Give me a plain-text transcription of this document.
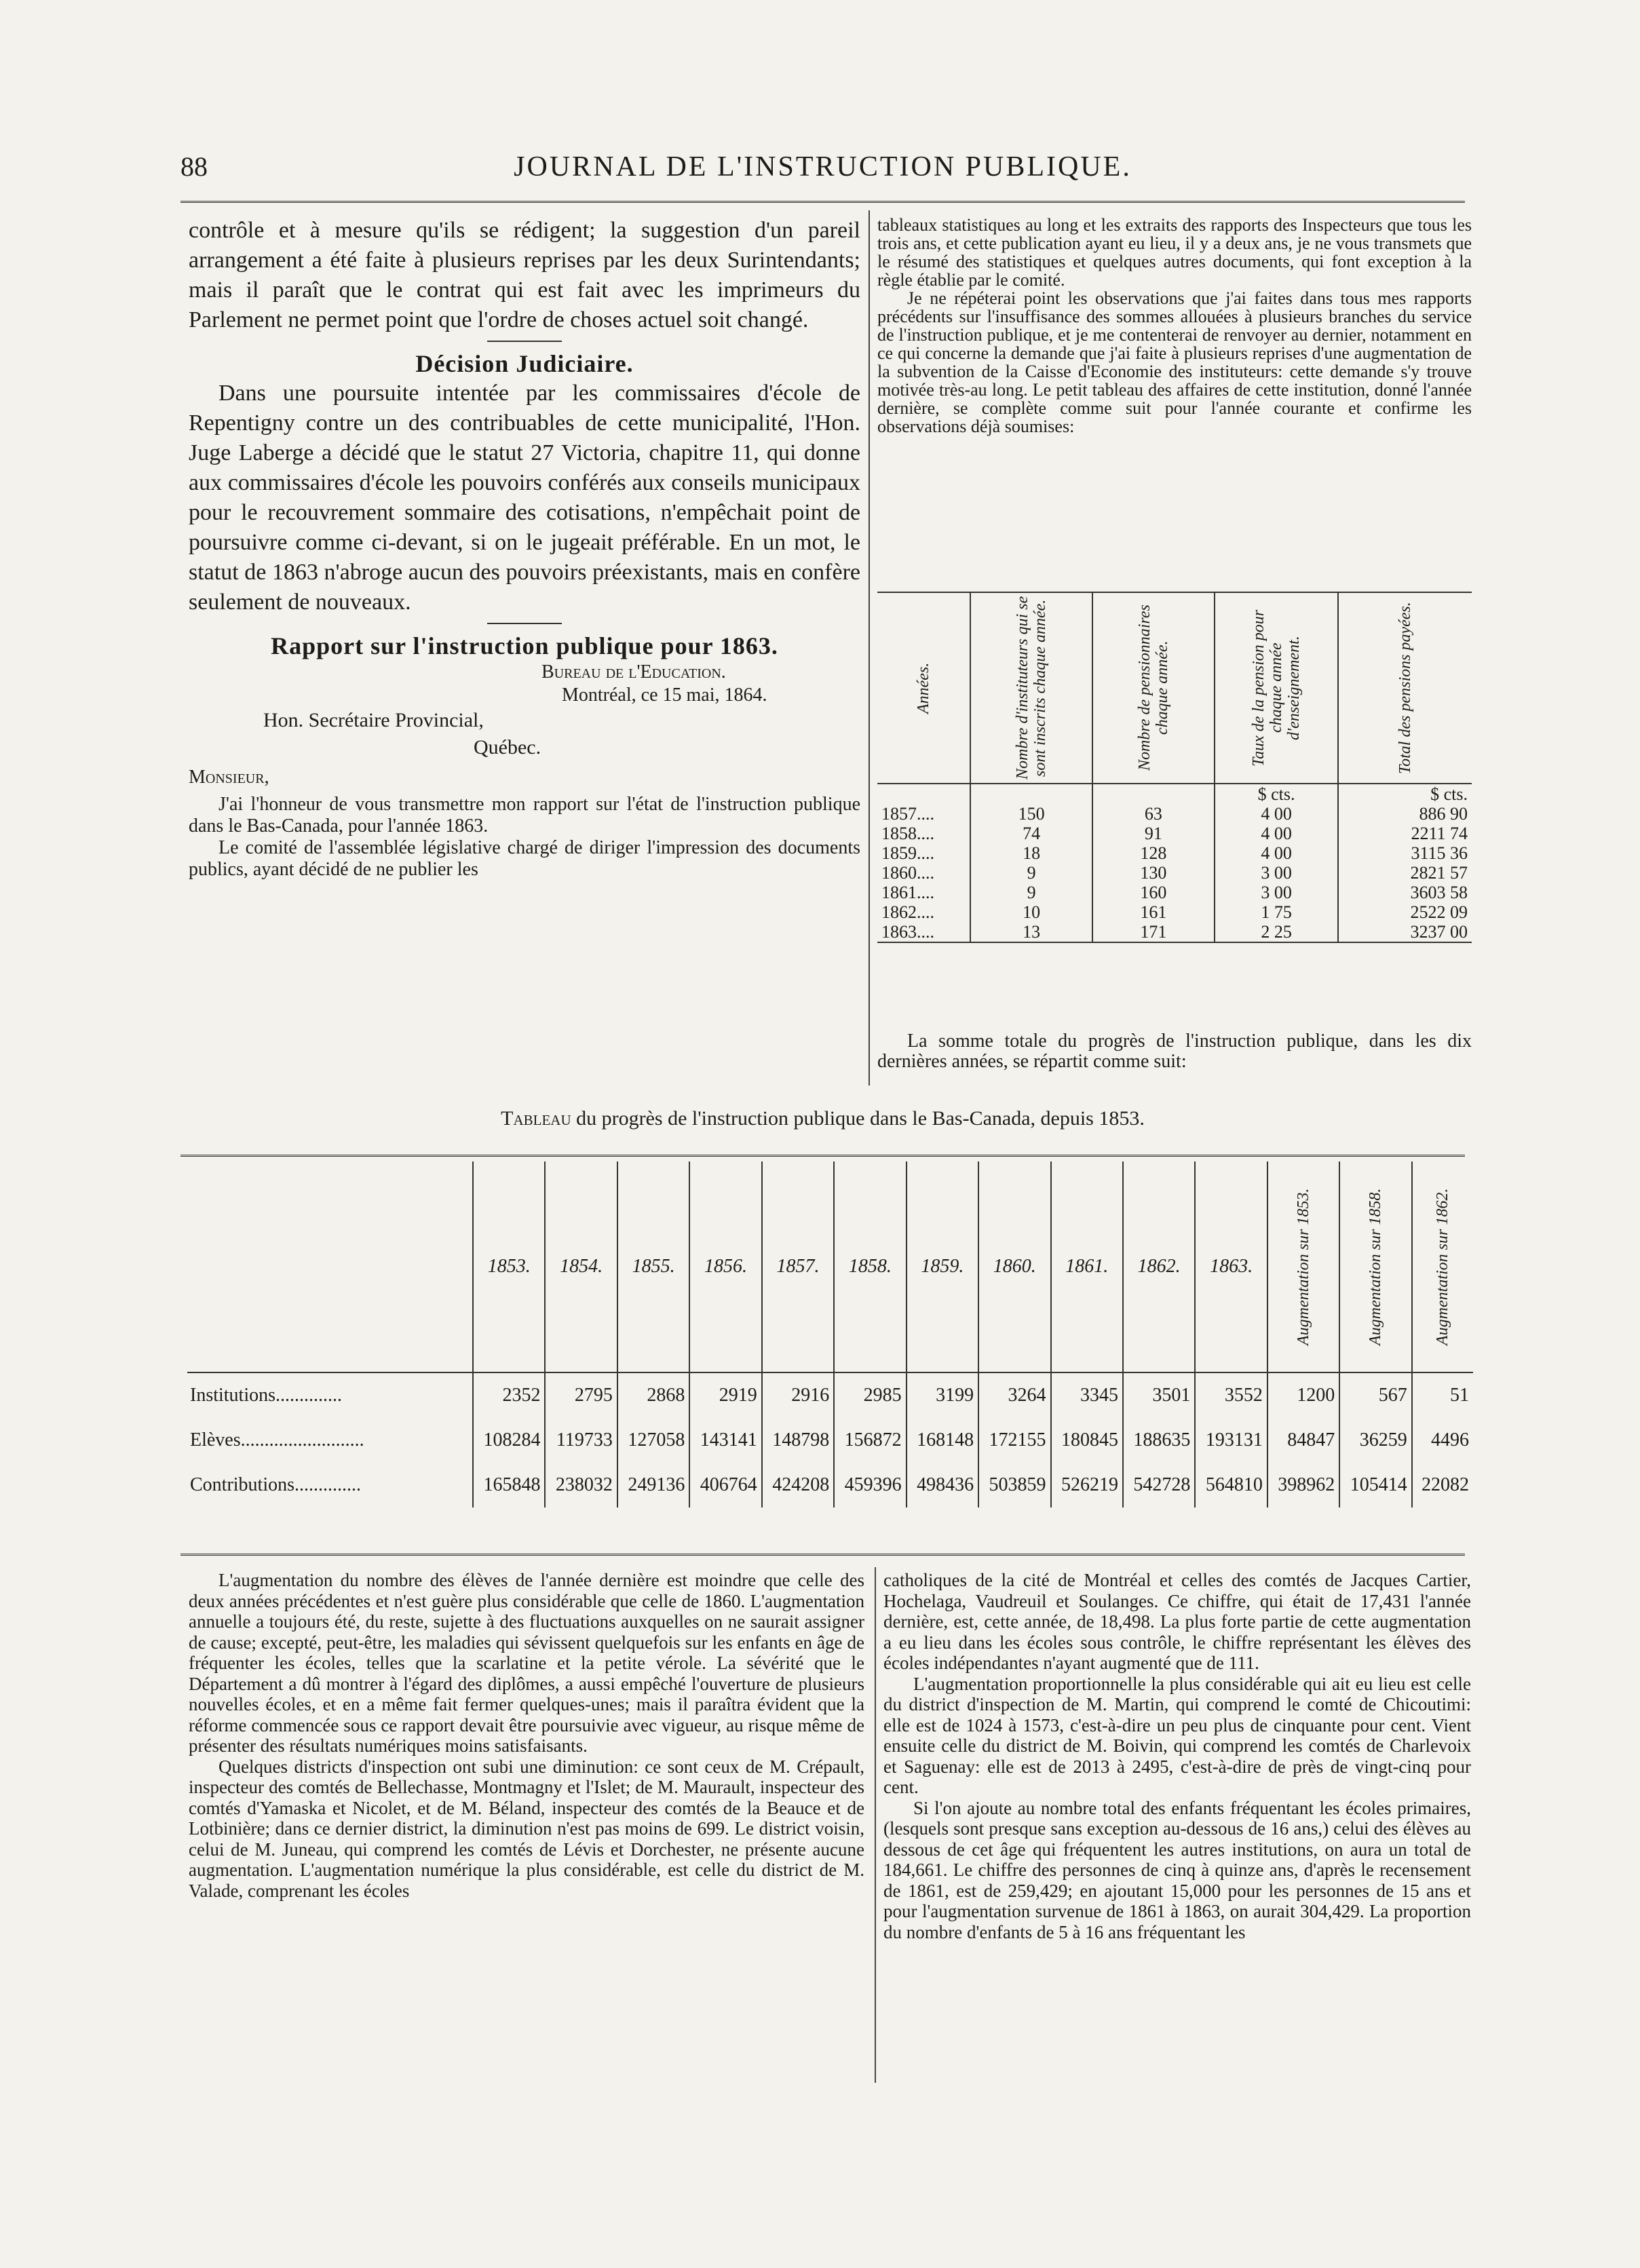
88	JOURNAL DE L'INSTRUCTION PUBLIQUE.

contrôle et à mesure qu'ils se rédigent; la suggestion d'un pareil arrangement a été faite à plusieurs reprises par les deux Surintendants; mais il paraît que le contrat qui est fait avec les imprimeurs du Parlement ne permet point que l'ordre de choses actuel soit changé.

Décision Judiciaire.

Dans une poursuite intentée par les commissaires d'école de Repentigny contre un des contribuables de cette municipalité, l'Hon. Juge Laberge a décidé que le statut 27 Victoria, chapitre 11, qui donne aux commissaires d'école les pouvoirs conférés aux conseils municipaux pour le recouvrement sommaire des cotisations, n'empêchait point de poursuivre comme ci-devant, si on le jugeait préférable. En un mot, le statut de 1863 n'abroge aucun des pouvoirs préexistants, mais en confère seulement de nouveaux.

Rapport sur l'instruction publique pour 1863.

Bureau de l'Education.
Montréal, ce 15 mai, 1864.
Hon. Secrétaire Provincial,
Québec.
Monsieur,

J'ai l'honneur de vous transmettre mon rapport sur l'état de l'instruction publique dans le Bas-Canada, pour l'année 1863.

Le comité de l'assemblée législative chargé de diriger l'impression des documents publics, ayant décidé de ne publier les

tableaux statistiques au long et les extraits des rapports des Inspecteurs que tous les trois ans, et cette publication ayant eu lieu, il y a deux ans, je ne vous transmets que le résumé des statistiques et quelques autres documents, qui font exception à la règle établie par le comité.

Je ne répéterai point les observations que j'ai faites dans tous mes rapports précédents sur l'insuffisance des sommes allouées à plusieurs branches du service de l'instruction publique, et je me contenterai de renvoyer au dernier, notamment en ce qui concerne la demande que j'ai faite à plusieurs reprises d'une augmentation de la subvention de la Caisse d'Economie des instituteurs: cette demande s'y trouve motivée très-au long. Le petit tableau des affaires de cette institution, donné l'année dernière, se complète comme suit pour l'année courante et confirme les observations déjà soumises:

Années.	Nombre d'instituteurs qui se sont inscrits chaque année.	Nombre de pensionnaires chaque année.	Taux de la pension pour chaque année d'enseignement.	Total des pensions payées.

			$ cts.	$ cts.
1857....	150	63	4 00	886 90
1858....	74	91	4 00	2211 74
1859....	18	128	4 00	3115 36
1860....	9	130	3 00	2821 57
1861....	9	160	3 00	3603 58
1862....	10	161	1 75	2522 09
1863....	13	171	2 25	3237 00

La somme totale du progrès de l'instruction publique, dans les dix dernières années, se répartit comme suit:

Tableau du progrès de l'instruction publique dans le Bas-Canada, depuis 1853.
	1853.	1854.	1855.	1856.	1857.	1858.	1859.	1860.	1861.	1862.	1863.	Augmentation sur 1853.	Augmentation sur 1858.	Augmentation sur 1862.

Institutions..............	2352	2795	2868	2919	2916	2985	3199	3264	3345	3501	3552	1200	567	51
Elèves..........................	108284	119733	127058	143141	148798	156872	168148	172155	180845	188635	193131	84847	36259	4496
Contributions..............	165848	238032	249136	406764	424208	459396	498436	503859	526219	542728	564810	398962	105414	22082

L'augmentation du nombre des élèves de l'année dernière est moindre que celle des deux années précédentes et n'est guère plus considérable que celle de 1860. L'augmentation annuelle a toujours été, du reste, sujette à des fluctuations auxquelles on ne saurait assigner de cause; excepté, peut-être, les maladies qui sévissent quelquefois sur les enfants en âge de fréquenter les écoles, telles que la scarlatine et la petite vérole. La sévérité que le Département a dû montrer à l'égard des diplômes, a aussi empêché l'ouverture de plusieurs nouvelles écoles, et en a même fait fermer quelques-unes; mais il paraîtra évident que la réforme commencée sous ce rapport devait être poursuivie avec vigueur, au risque même de présenter des résultats numériques moins satisfaisants.

Quelques districts d'inspection ont subi une diminution: ce sont ceux de M. Crépault, inspecteur des comtés de Bellechasse, Montmagny et l'Islet; de M. Maurault, inspecteur des comtés d'Yamaska et Nicolet, et de M. Béland, inspecteur des comtés de la Beauce et de Lotbinière; dans ce dernier district, la diminution n'est pas moins de 699. Le district voisin, celui de M. Juneau, qui comprend les comtés de Lévis et Dorchester, ne présente aucune augmentation. L'augmentation numérique la plus considérable, est celle du district de M. Valade, comprenant les écoles

catholiques de la cité de Montréal et celles des comtés de Jacques Cartier, Hochelaga, Vaudreuil et Soulanges. Ce chiffre, qui était de 17,431 l'année dernière, est, cette année, de 18,498. La plus forte partie de cette augmentation a eu lieu dans les écoles sous contrôle, le chiffre représentant les élèves des écoles indépendantes n'ayant augmenté que de 111.

L'augmentation proportionnelle la plus considérable qui ait eu lieu est celle du district d'inspection de M. Martin, qui comprend le comté de Chicoutimi: elle est de 1024 à 1573, c'est-à-dire un peu plus de cinquante pour cent. Vient ensuite celle du district de M. Boivin, qui comprend les comtés de Charlevoix et Saguenay: elle est de 2013 à 2495, c'est-à-dire de près de vingt-cinq pour cent.

Si l'on ajoute au nombre total des enfants fréquentant les écoles primaires, (lesquels sont presque sans exception au-dessous de 16 ans,) celui des élèves au dessous de cet âge qui fréquentent les autres institutions, on aura un total de 184,661. Le chiffre des personnes de cinq à quinze ans, d'après le recensement de 1861, est de 259,429; en ajoutant 15,000 pour les personnes de 15 ans et pour l'augmentation survenue de 1861 à 1863, on aurait 304,429. La proportion du nombre d'enfants de 5 à 16 ans fréquentant les
